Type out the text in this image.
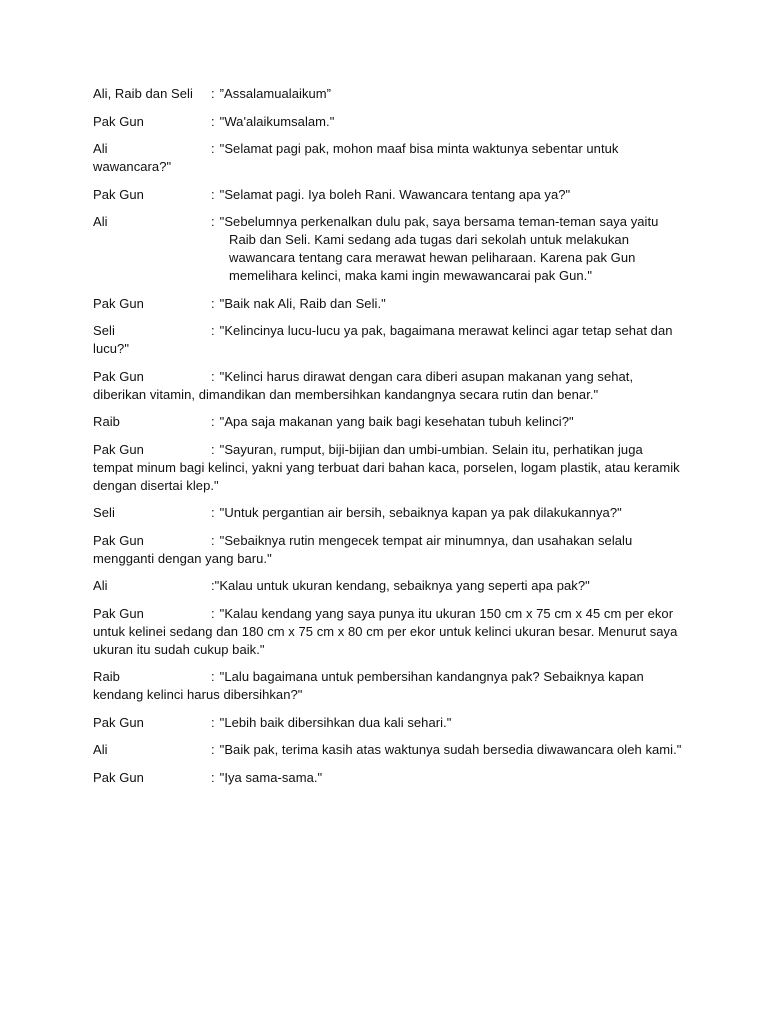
Ali, Raib dan Seli	: ”Assalamualaikum”
Pak Gun	: "Wa'alaikumsalam."
Ali	: "Selamat pagi pak, mohon maaf bisa minta waktunya sebentar untuk wawancara?"
Pak Gun	: "Selamat pagi. Iya boleh Rani. Wawancara tentang apa ya?"
Ali	: "Sebelumnya perkenalkan dulu pak, saya bersama teman-teman saya yaitu Raib dan Seli. Kami sedang ada tugas dari sekolah untuk melakukan wawancara tentang cara merawat hewan peliharaan. Karena pak Gun memelihara kelinci, maka kami ingin mewawancarai pak Gun."
Pak Gun	: "Baik nak Ali, Raib dan Seli."
Seli	: "Kelincinya lucu-lucu ya pak, bagaimana merawat kelinci agar tetap sehat dan lucu?"
Pak Gun	: "Kelinci harus dirawat dengan cara diberi asupan makanan yang sehat, diberikan vitamin, dimandikan dan membersihkan kandangnya secara rutin dan benar."
Raib	: "Apa saja makanan yang baik bagi kesehatan tubuh kelinci?"
Pak Gun	: "Sayuran, rumput, biji-bijian dan umbi-umbian. Selain itu, perhatikan juga tempat minum bagi kelinci, yakni yang terbuat dari bahan kaca, porselen, logam plastik, atau keramik dengan disertai klep."
Seli	: "Untuk pergantian air bersih, sebaiknya kapan ya pak dilakukannya?"
Pak Gun	: "Sebaiknya rutin mengecek tempat air minumnya, dan usahakan selalu mengganti dengan yang baru."
Ali	:"Kalau untuk ukuran kendang, sebaiknya yang seperti apa pak?"
Pak Gun	: "Kalau kendang yang saya punya itu ukuran 150 cm x 75 cm x 45 cm per ekor untuk kelinei sedang dan 180 cm x 75 cm x 80 cm per ekor untuk kelinci ukuran besar. Menurut saya ukuran itu sudah cukup baik."
Raib	: "Lalu bagaimana untuk pembersihan kandangnya pak? Sebaiknya kapan kendang kelinci harus dibersihkan?"
Pak Gun	: "Lebih baik dibersihkan dua kali sehari."
Ali	: "Baik pak, terima kasih atas waktunya sudah bersedia diwawancara oleh kami."
Pak Gun	: "Iya sama-sama."
